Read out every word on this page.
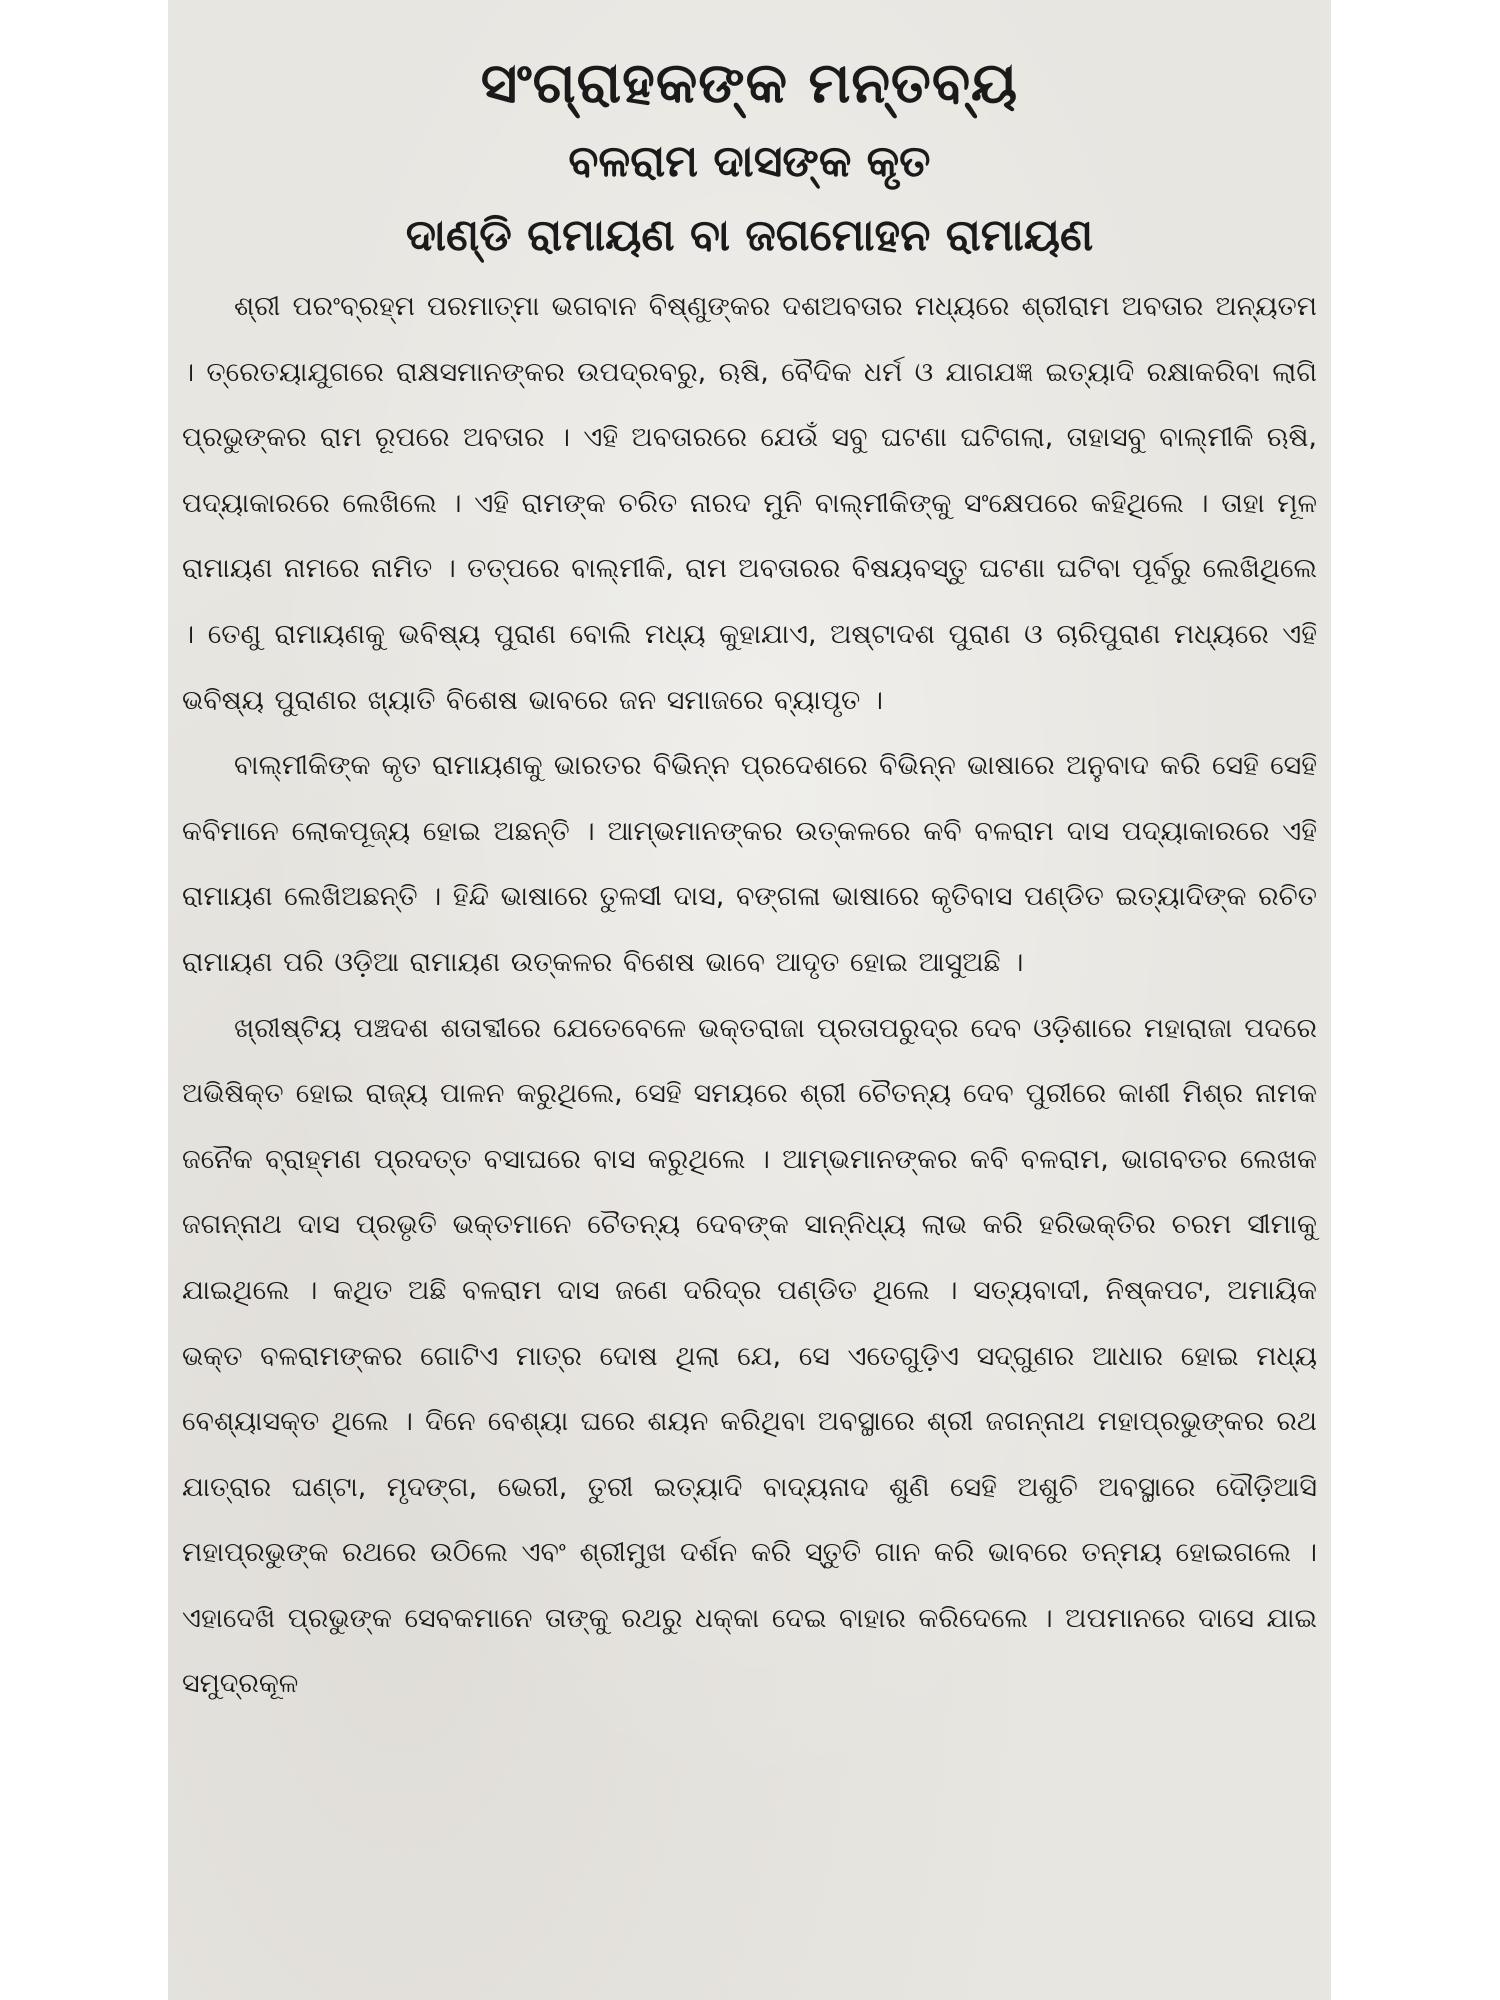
ସଂଗ୍ରାହକଙ୍କ ମନ୍ତବ୍ୟ
ବଳରାମ ଦାସଙ୍କ କୃତ
ଦାଣ୍ଡି ରାମାୟଣ ବା ଜଗମୋହନ ରାମାୟଣ

ଶ୍ରୀ ପରଂବ୍ରହ୍ମ ପରମାତ୍ମା ଭଗବାନ ବିଷ୍ଣୁଙ୍କର ଦଶଅବତାର ମଧ୍ୟରେ ଶ୍ରୀରାମ ଅବତାର ଅନ୍ୟତମ । ତ୍ରେତୟାଯୁଗରେ ରାକ୍ଷସମାନଙ୍କର ଉପଦ୍ରବରୁ, ଋଷି, ବୈଦିକ ଧର୍ମ ଓ ଯାଗଯଜ୍ଞ ଇତ୍ୟାଦି ରକ୍ଷାକରିବା ଲାଗି ପ୍ରଭୁଙ୍କର ରାମ ରୂପରେ ଅବତାର । ଏହି ଅବତାରରେ ଯେଉଁ ସବୁ ଘଟଣା ଘଟିଗଲା, ତାହାସବୁ ବାଲ୍ମୀକି ଋଷି, ପଦ୍ୟାକାରରେ ଲେଖିଲେ । ଏହି ରାମଙ୍କ ଚରିତ ନାରଦ ମୁନି ବାଲ୍ମୀକିଙ୍କୁ ସଂକ୍ଷେପରେ କହିଥିଲେ । ତାହା ମୂଳ ରାମାୟଣ ନାମରେ ନାମିତ । ତତ୍ପରେ ବାଲ୍ମୀକି, ରାମ ଅବତାରର ବିଷୟବସ୍ତୁ ଘଟଣା ଘଟିବା ପୂର୍ବରୁ ଲେଖିଥିଲେ । ତେଣୁ ରାମାୟଣକୁ ଭବିଷ୍ୟ ପୁରାଣ ବୋଲି ମଧ୍ୟ କୁହାଯାଏ, ଅଷ୍ଟାଦଶ ପୁରାଣ ଓ ଚାରିପୁରାଣ ମଧ୍ୟରେ ଏହି ଭବିଷ୍ୟ ପୁରାଣର ଖ୍ୟାତି ବିଶେଷ ଭାବରେ ଜନ ସମାଜରେ ବ୍ୟାପୃତ ।

ବାଲ୍ମୀକିଙ୍କ କୃତ ରାମାୟଣକୁ ଭାରତର ବିଭିନ୍ନ ପ୍ରଦେଶରେ ବିଭିନ୍ନ ଭାଷାରେ ଅନୁବାଦ କରି ସେହି ସେହି କବିମାନେ ଲୋକପୂଜ୍ୟ ହୋଇ ଅଛନ୍ତି । ଆମ୍ଭମାନଙ୍କର ଉତ୍କଳରେ କବି ବଳରାମ ଦାସ ପଦ୍ୟାକାରରେ ଏହି ରାମାୟଣ ଲେଖିଅଛନ୍ତି । ହିନ୍ଦି ଭାଷାରେ ତୁଳସୀ ଦାସ, ବଙ୍ଗଳା ଭାଷାରେ କୃତିବାସ ପଣ୍ଡିତ ଇତ୍ୟାଦିଙ୍କ ରଚିତ ରାମାୟଣ ପରି ଓଡ଼ିଆ ରାମାୟଣ ଉତ୍କଳର ବିଶେଷ ଭାବେ ଆଦୃତ ହୋଇ ଆସୁଅଛି ।

ଖ୍ରୀଷ୍ଟିୟ ପଞ୍ଚଦଶ ଶତାବ୍ଦୀରେ ଯେତେବେଳେ ଭକ୍ତରାଜା ପ୍ରତାପରୁଦ୍ର ଦେବ ଓଡ଼ିଶାରେ ମହାରାଜା ପଦରେ ଅଭିଷିକ୍ତ ହୋଇ ରାଜ୍ୟ ପାଳନ କରୁଥିଲେ, ସେହି ସମୟରେ ଶ୍ରୀ ଚୈତନ୍ୟ ଦେବ ପୁରୀରେ କାଶୀ ମିଶ୍ର ନାମକ ଜନୈକ ବ୍ରାହ୍ମଣ ପ୍ରଦତ୍ତ ବସାଘରେ ବାସ କରୁଥିଲେ । ଆମ୍ଭମାନଙ୍କର କବି ବଳରାମ, ଭାଗବତର ଲେଖକ ଜଗନ୍ନାଥ ଦାସ ପ୍ରଭୃତି ଭକ୍ତମାନେ ଚୈତନ୍ୟ ଦେବଙ୍କ ସାନ୍ନିଧ୍ୟ ଲାଭ କରି ହରିଭକ୍ତିର ଚରମ ସୀମାକୁ ଯାଇଥିଲେ । କଥିତ ଅଛି ବଳରାମ ଦାସ ଜଣେ ଦରିଦ୍ର ପଣ୍ଡିତ ଥିଲେ । ସତ୍ୟବାଦୀ, ନିଷ୍କପଟ, ଅମାୟିକ ଭକ୍ତ ବଳରାମଙ୍କର ଗୋଟିଏ ମାତ୍ର ଦୋଷ ଥିଲା ଯେ, ସେ ଏତେଗୁଡ଼ିଏ ସଦ୍‌ଗୁଣର ଆଧାର ହୋଇ ମଧ୍ୟ ବେଶ୍ୟାସକ୍ତ ଥିଲେ । ଦିନେ ବେଶ୍ୟା ଘରେ ଶୟନ କରିଥିବା ଅବସ୍ଥାରେ ଶ୍ରୀ ଜଗନ୍ନାଥ ମହାପ୍ରଭୁଙ୍କର ରଥ ଯାତ୍ରାର ଘଣ୍ଟା, ମୃଦଙ୍ଗ, ଭେରୀ, ତୁରୀ ଇତ୍ୟାଦି ବାଦ୍ୟନାଦ ଶୁଣି ସେହି ଅଶୁଚି ଅବସ୍ଥାରେ ଦୌଡ଼ିଆସି ମହାପ୍ରଭୁଙ୍କ ରଥରେ ଉଠିଲେ ଏବଂ ଶ୍ରୀମୁଖ ଦର୍ଶନ କରି ସ୍ତୁତି ଗାନ କରି ଭାବରେ ତନ୍ମୟ ହୋଇଗଲେ । ଏହାଦେଖି ପ୍ରଭୁଙ୍କ ସେବକମାନେ ତାଙ୍କୁ ରଥରୁ ଧକ୍‌କା ଦେଇ ବାହାର କରିଦେଲେ । ଅପମାନରେ ଦାସେ ଯାଇ ସମୁଦ୍ରକୂଳ
